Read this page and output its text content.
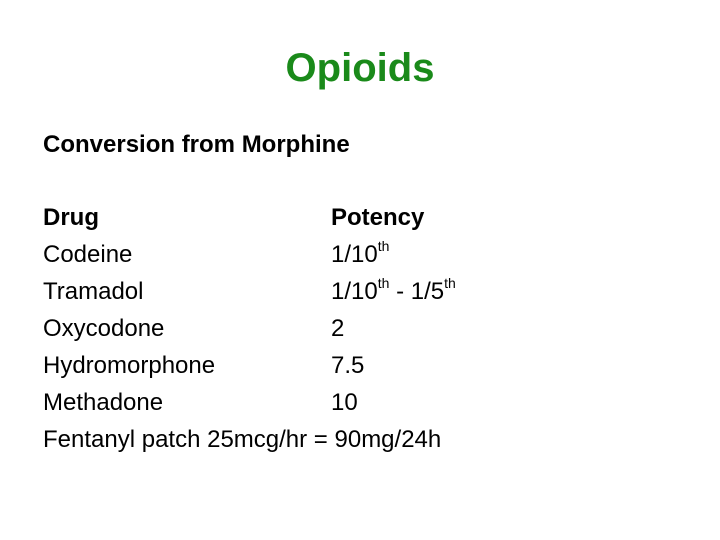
Opioids
Conversion from Morphine
Drug	Potency
Codeine	1/10th
Tramadol	1/10th - 1/5th
Oxycodone	2
Hydromorphone	7.5
Methadone	10
Fentanyl patch 25mcg/hr = 90mg/24h
